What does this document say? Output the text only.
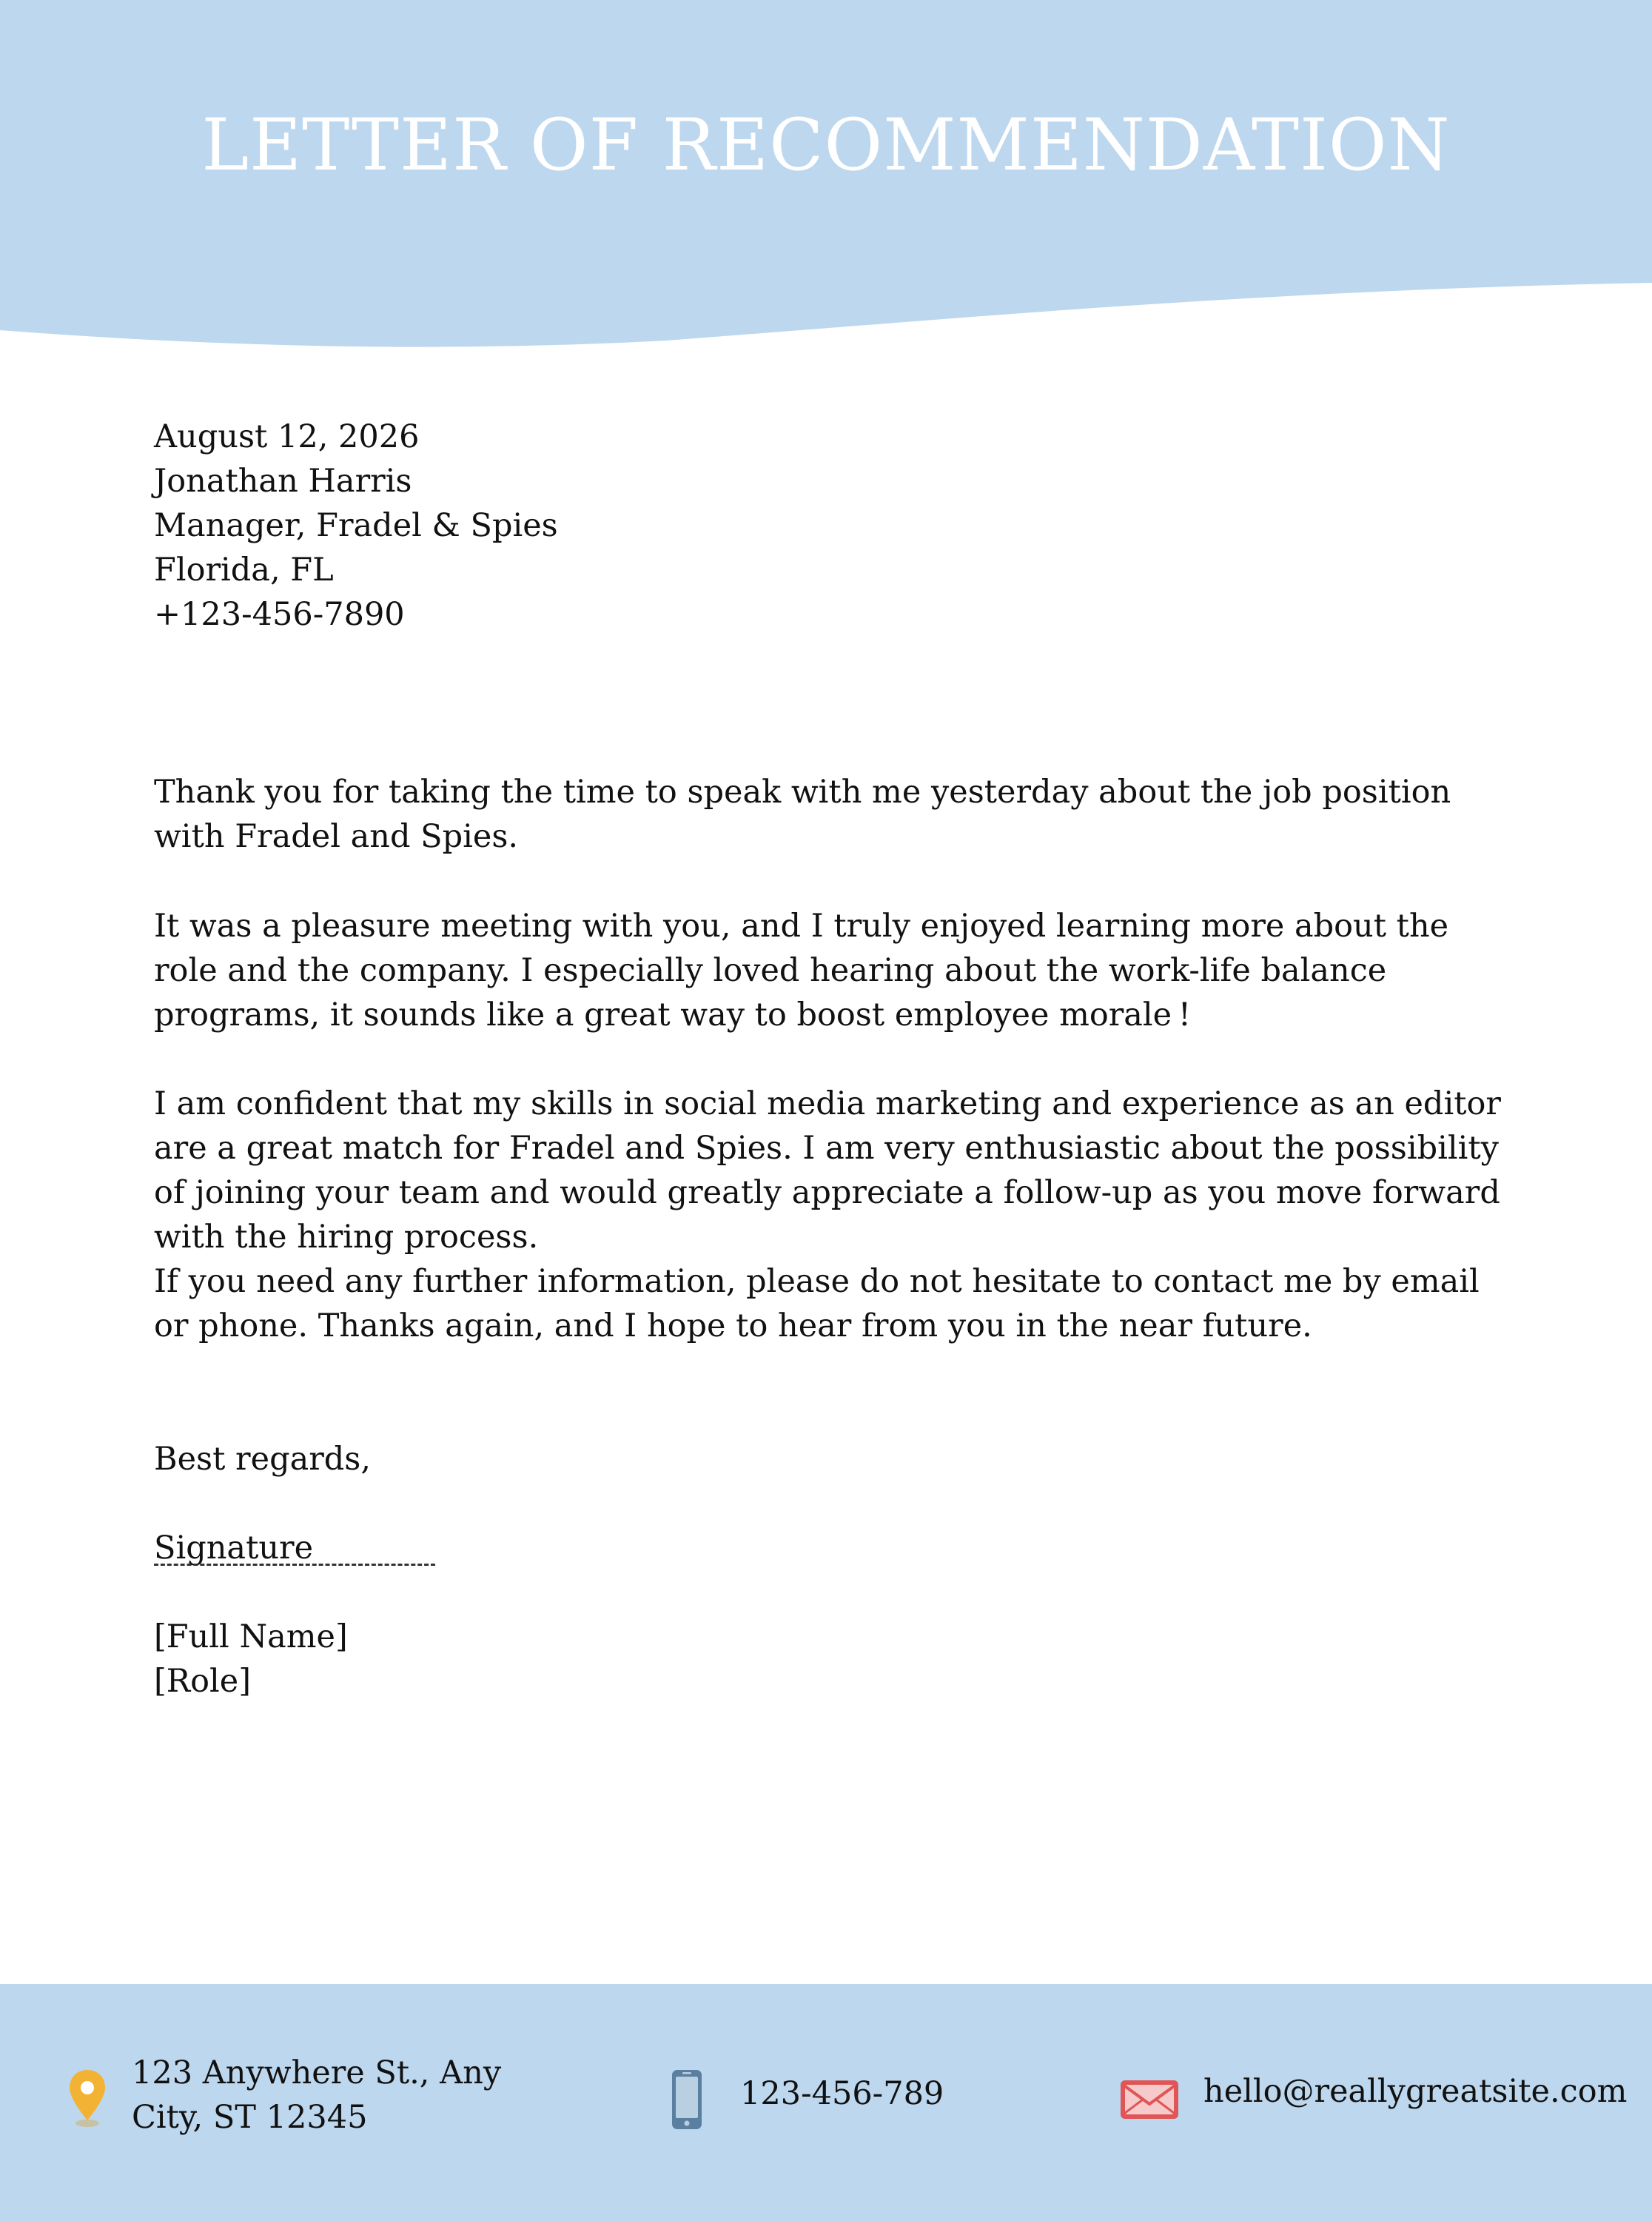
LETTER OF RECOMMENDATION

August 12, 2026

Jonathan Harris

Manager, Fradel & Spies

Florida, FL

+123-456-7890

Thank you for taking the time to speak with me yesterday about the job position with Fradel and Spies.

It was a pleasure meeting with you, and I truly enjoyed learning more about the role and the company. I especially loved hearing about the work-life balance programs, it sounds like a great way to boost employee morale !

I am confident that my skills in social media marketing and experience as an editor are a great match for Fradel and Spies. I am very enthusiastic about the possibility of joining your team and would greatly appreciate a follow-up as you move forward with the hiring process.

If you need any further information, please do not hesitate to contact me by email or phone. Thanks again, and I hope to hear from you in the near future.

Best regards,

Signature

[Full Name]

[Role]

123 Anywhere St., Any
City, ST 12345
123-456-789	hello@reallygreatsite.com
